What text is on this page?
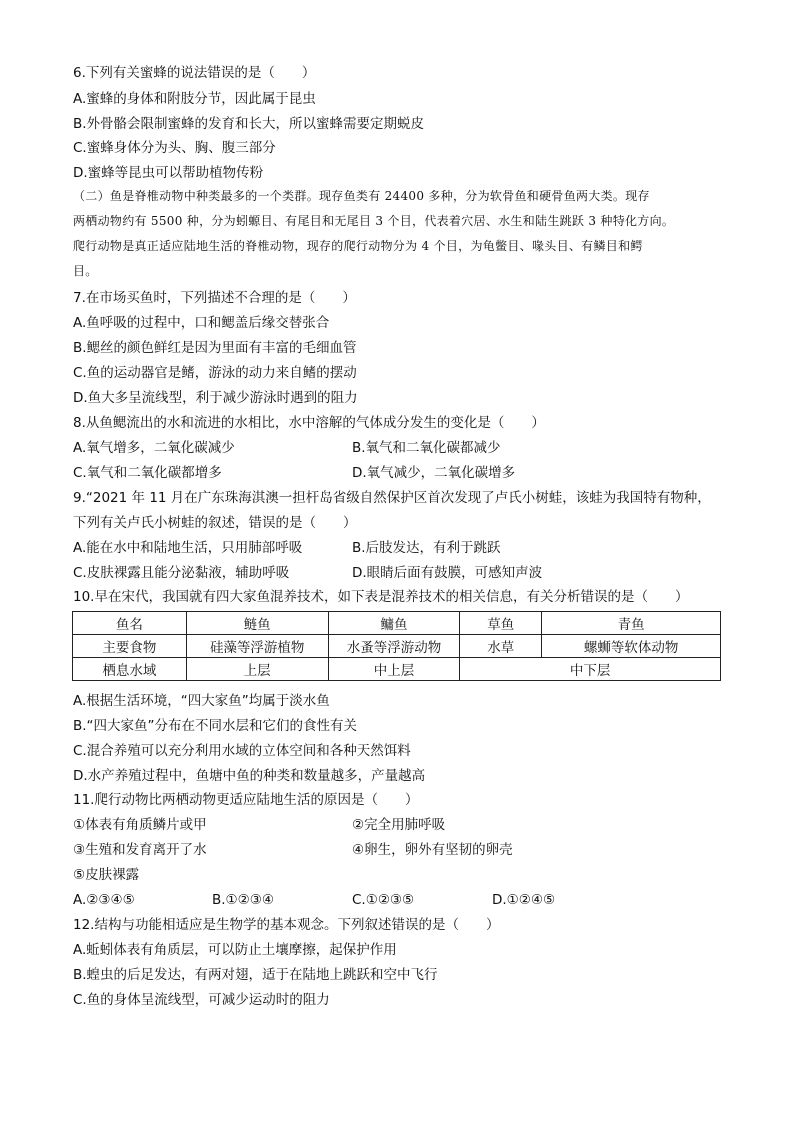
6.下列有关蜜蜂的说法错误的是（　　）
A.蜜蜂的身体和附肢分节，因此属于昆虫
B.外骨骼会限制蜜蜂的发育和长大，所以蜜蜂需要定期蜕皮
C.蜜蜂身体分为头、胸、腹三部分
D.蜜蜂等昆虫可以帮助植物传粉
（二）鱼是脊椎动物中种类最多的一个类群。现存鱼类有 24400 多种，分为软骨鱼和硬骨鱼两大类。现存
两栖动物约有 5500 种，分为蚓螈目、有尾目和无尾目 3 个目，代表着穴居、水生和陆生跳跃 3 种特化方向。
爬行动物是真正适应陆地生活的脊椎动物，现存的爬行动物分为 4 个目，为龟鳖目、喙头目、有鳞目和鳄
目。
7.在市场买鱼时，下列描述不合理的是（　　）
A.鱼呼吸的过程中，口和鳃盖后缘交替张合
B.鳃丝的颜色鲜红是因为里面有丰富的毛细血管
C.鱼的运动器官是鳍，游泳的动力来自鳍的摆动
D.鱼大多呈流线型，利于减少游泳时遇到的阻力
8.从鱼鳃流出的水和流进的水相比，水中溶解的气体成分发生的变化是（　　）
A.氧气增多，二氧化碳减少	B.氧气和二氧化碳都减少
C.氧气和二氧化碳都增多	D.氧气减少，二氧化碳增多
9.“2021 年 11 月在广东珠海淇澳一担杆岛省级自然保护区首次发现了卢氏小树蛙，该蛙为我国特有物种，
下列有关卢氏小树蛙的叙述，错误的是（　　）
A.能在水中和陆地生活，只用肺部呼吸	B.后肢发达，有利于跳跃
C.皮肤裸露且能分泌黏液，辅助呼吸	D.眼睛后面有鼓膜，可感知声波
10.早在宋代，我国就有四大家鱼混养技术，如下表是混养技术的相关信息，有关分析错误的是（　　）
鱼名	鲢鱼	鳙鱼	草鱼	青鱼
主要食物	硅藻等浮游植物	水蚤等浮游动物	水草	螺蛳等软体动物
栖息水域	上层	中上层	中下层	
A.根据生活环境，“四大家鱼”均属于淡水鱼
B.“四大家鱼”分布在不同水层和它们的食性有关
C.混合养殖可以充分利用水域的立体空间和各种天然饵料
D.水产养殖过程中，鱼塘中鱼的种类和数量越多，产量越高
11.爬行动物比两栖动物更适应陆地生活的原因是（　　）
①体表有角质鳞片或甲	②完全用肺呼吸
③生殖和发育离开了水	④卵生，卵外有坚韧的卵壳
⑤皮肤裸露
A.②③④⑤	B.①②③④	C.①②③⑤	D.①②④⑤
12.结构与功能相适应是生物学的基本观念。下列叙述错误的是（　　）
A.蚯蚓体表有角质层，可以防止土壤摩擦，起保护作用
B.蝗虫的后足发达，有两对翅，适于在陆地上跳跃和空中飞行
C.鱼的身体呈流线型，可减少运动时的阻力
